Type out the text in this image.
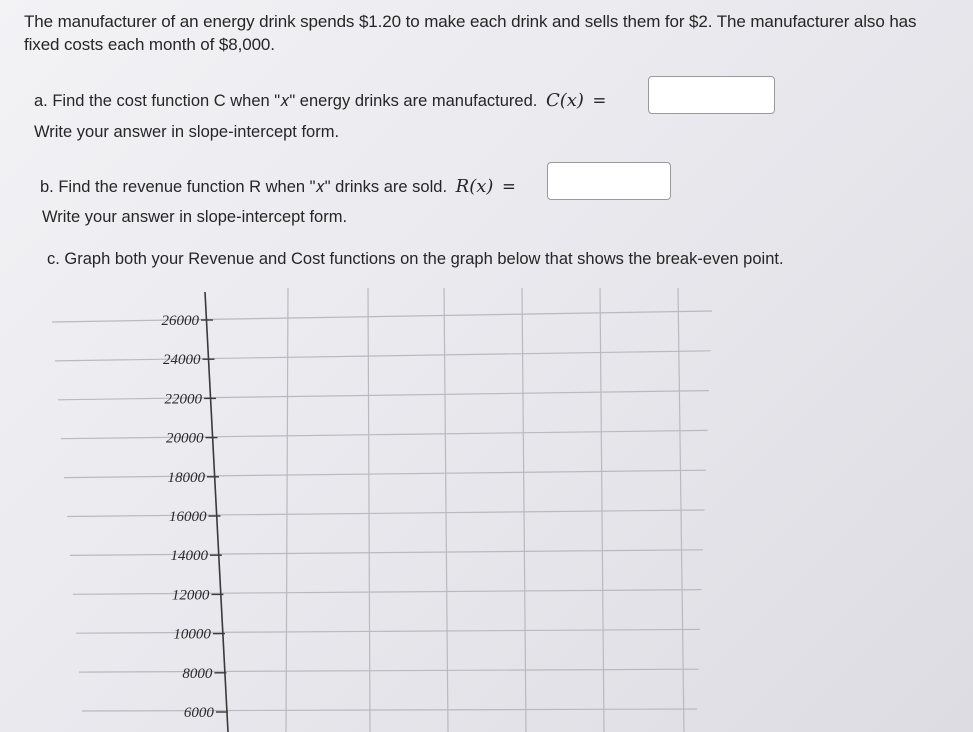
The manufacturer of an energy drink spends $1.20 to make each drink and sells them for $2. The manufacturer also has
fixed costs each month of $8,000.
a. Find the cost function C when "𝑥" energy drinks are manufactured. C(𝑥) =
Write your answer in slope-intercept form.
b. Find the revenue function R when "𝑥" drinks are sold. R(𝑥) =
Write your answer in slope-intercept form.
c. Graph both your Revenue and Cost functions on the graph below that shows the break-even point.
26000
24000
22000
20000
18000
16000
14000
12000
10000
8000
6000
